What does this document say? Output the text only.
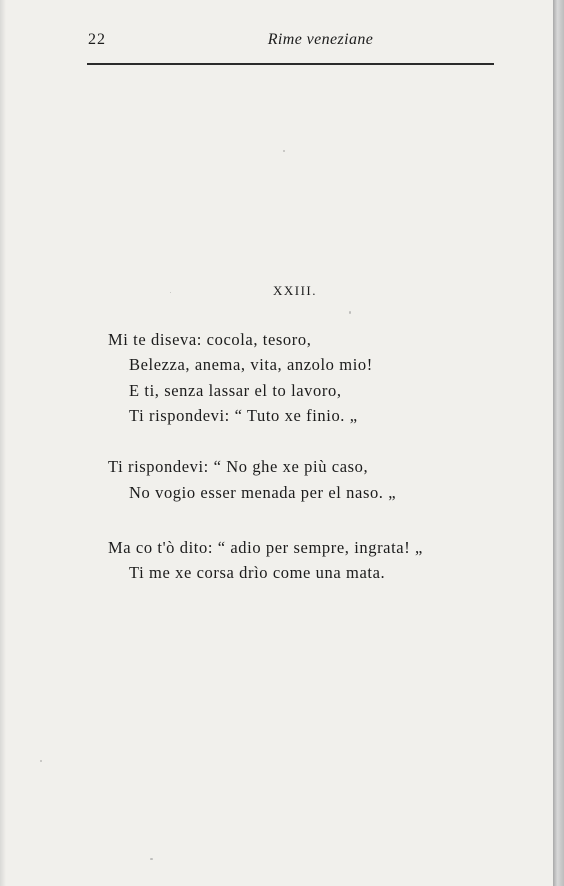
22	Rime veneziane
XXIII.
Mi te diseva: cocola, tesoro,
Belezza, anema, vita, anzolo mio!
E ti, senza lassar el to lavoro,
Ti rispondevi: “ Tuto xe finio. „
Ti rispondevi: “ No ghe xe più caso,
No vogio esser menada per el naso. „
Ma co t'ò dito: “ adio per sempre, ingrata! „
Ti me xe corsa drìo come una mata.
